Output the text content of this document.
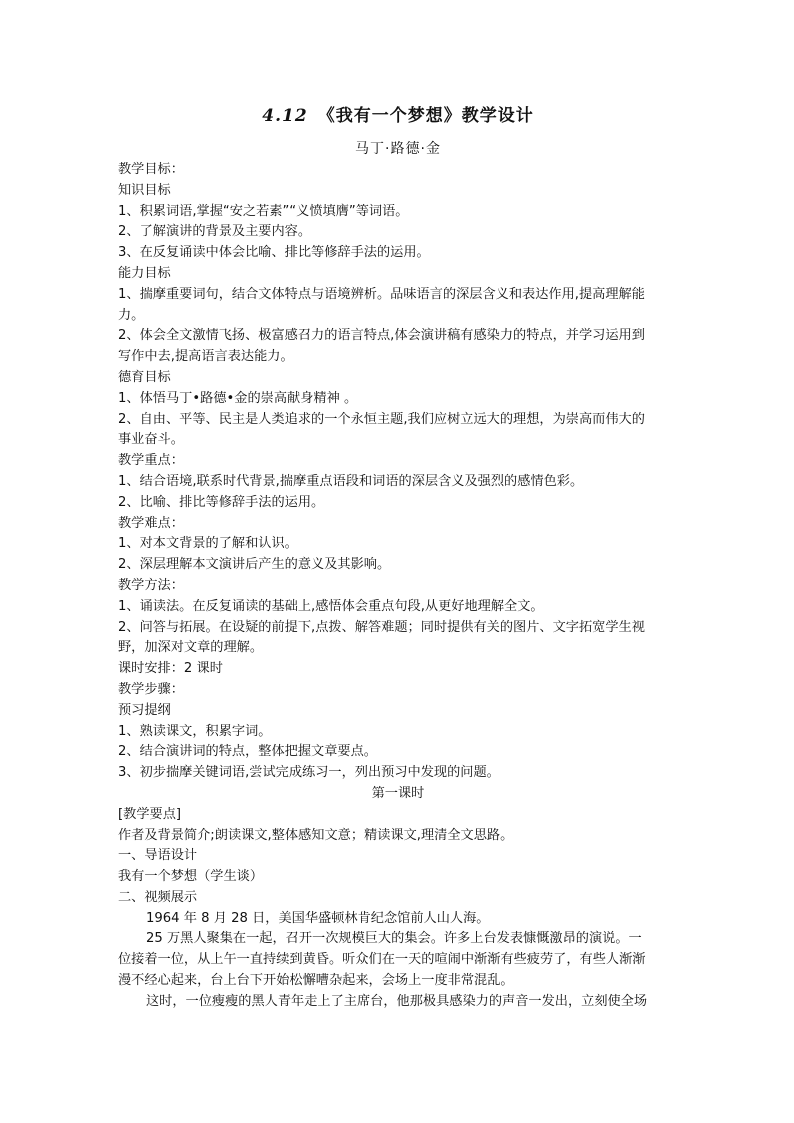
4.12 《我有一个梦想》教学设计
马丁·路德·金
教学目标：
知识目标
1、积累词语,掌握“安之若素”“义愤填膺”等词语。
2、了解演讲的背景及主要内容。
3、在反复诵读中体会比喻、排比等修辞手法的运用。
能力目标
1、揣摩重要词句，结合文体特点与语境辨析。品味语言的深层含义和表达作用,提高理解能
力。
2、体会全文激情飞扬、极富感召力的语言特点,体会演讲稿有感染力的特点，并学习运用到
写作中去,提高语言表达能力。
德育目标
1、体悟马丁•路德•金的崇高献身精神 。
2、自由、平等、民主是人类追求的一个永恒主题,我们应树立远大的理想，为崇高而伟大的
事业奋斗。
教学重点：
1、结合语境,联系时代背景,揣摩重点语段和词语的深层含义及强烈的感情色彩。
2、比喻、排比等修辞手法的运用。
教学难点：
1、对本文背景的了解和认识。
2、深层理解本文演讲后产生的意义及其影响。
教学方法：
1、诵读法。在反复诵读的基础上,感悟体会重点句段,从更好地理解全文。
2、问答与拓展。在设疑的前提下,点拨、解答难题；同时提供有关的图片、文字拓宽学生视
野，加深对文章的理解。
课时安排：2 课时
教学步骤：
预习提纲
1、熟读课文，积累字词。
2、结合演讲词的特点，整体把握文章要点。
3、初步揣摩关键词语,尝试完成练习一，列出预习中发现的问题。
第一课时
[教学要点]
作者及背景简介;朗读课文,整体感知文意；精读课文,理清全文思路。
一、导语设计
我有一个梦想（学生谈）
二、视频展示
1964 年 8 月 28 日，美国华盛顿林肯纪念馆前人山人海。
25 万黑人聚集在一起，召开一次规模巨大的集会。许多上台发表慷慨激昂的演说。一
位接着一位，从上午一直持续到黄昏。听众们在一天的喧闹中渐渐有些疲劳了，有些人渐渐
漫不经心起来，台上台下开始松懈嘈杂起来，会场上一度非常混乱。
这时，一位瘦瘦的黑人青年走上了主席台，他那极具感染力的声音一发出，立刻使全场
